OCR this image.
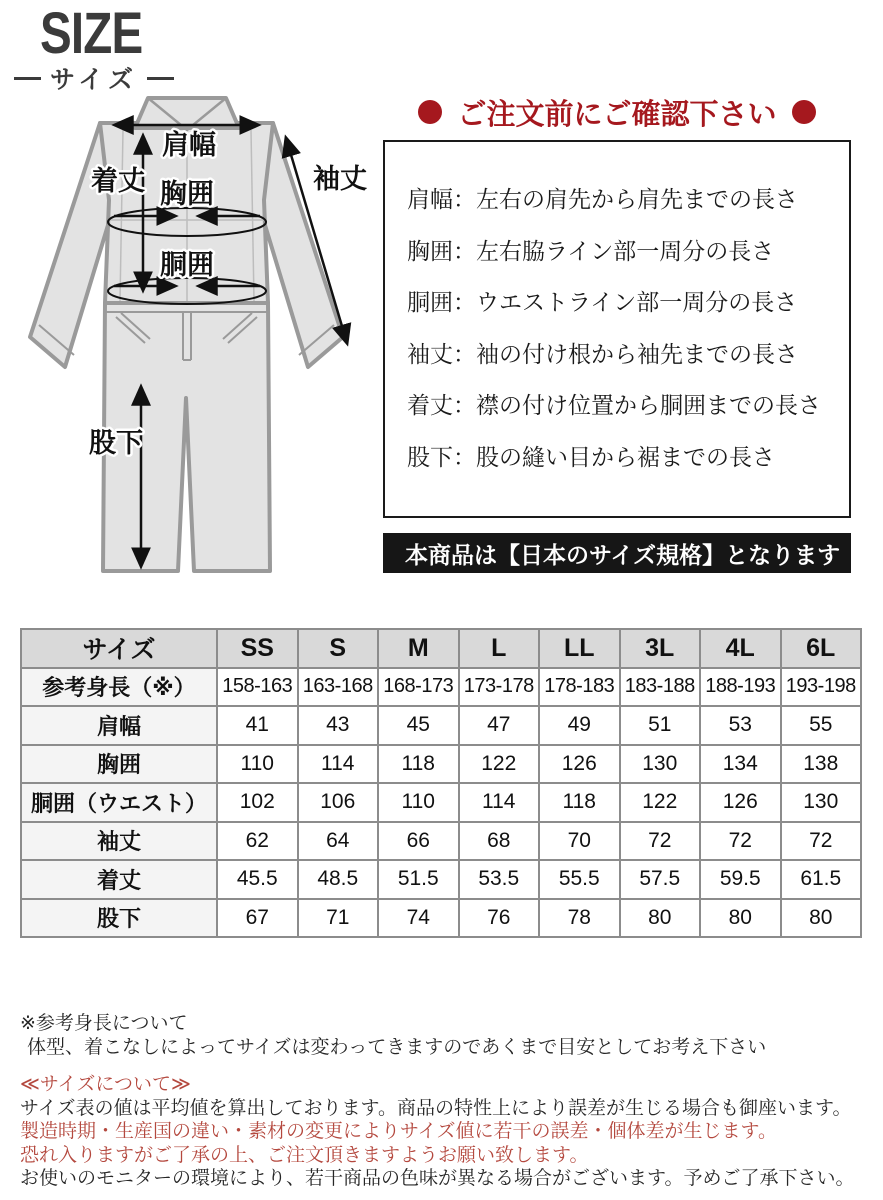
SIZE
サイズ
肩幅
着丈	袖丈
胸囲
胴囲
股下
ご注文前にご確認下さい
肩幅：左右の肩先から肩先までの長さ
胸囲：左右脇ライン部一周分の長さ
胴囲：ウエストライン部一周分の長さ
袖丈：袖の付け根から袖先までの長さ
着丈：襟の付け位置から胴囲までの長さ
股下：股の縫い目から裾までの長さ
本商品は【日本のサイズ規格】となります
サイズ	SS	S	M	L	LL	3L	4L	6L
参考身長（※）	158-163	163-168	168-173	173-178	178-183	183-188	188-193	193-198
肩幅	41	43	45	47	49	51	53	55
胸囲	110	114	118	122	126	130	134	138
胴囲（ウエスト）	102	106	110	114	118	122	126	130
袖丈	62	64	66	68	70	72	72	72
着丈	45.5	48.5	51.5	53.5	55.5	57.5	59.5	61.5
股下	67	71	74	76	78	80	80	80
※参考身長について
体型、着こなしによってサイズは変わってきますのであくまで目安としてお考え下さい
≪サイズについて≫
サイズ表の値は平均値を算出しております。商品の特性上により誤差が生じる場合も御座います。
製造時期・生産国の違い・素材の変更によりサイズ値に若干の誤差・個体差が生じます。
恐れ入りますがご了承の上、ご注文頂きますようお願い致します。
お使いのモニターの環境により、若干商品の色味が異なる場合がございます。予めご了承下さい。
